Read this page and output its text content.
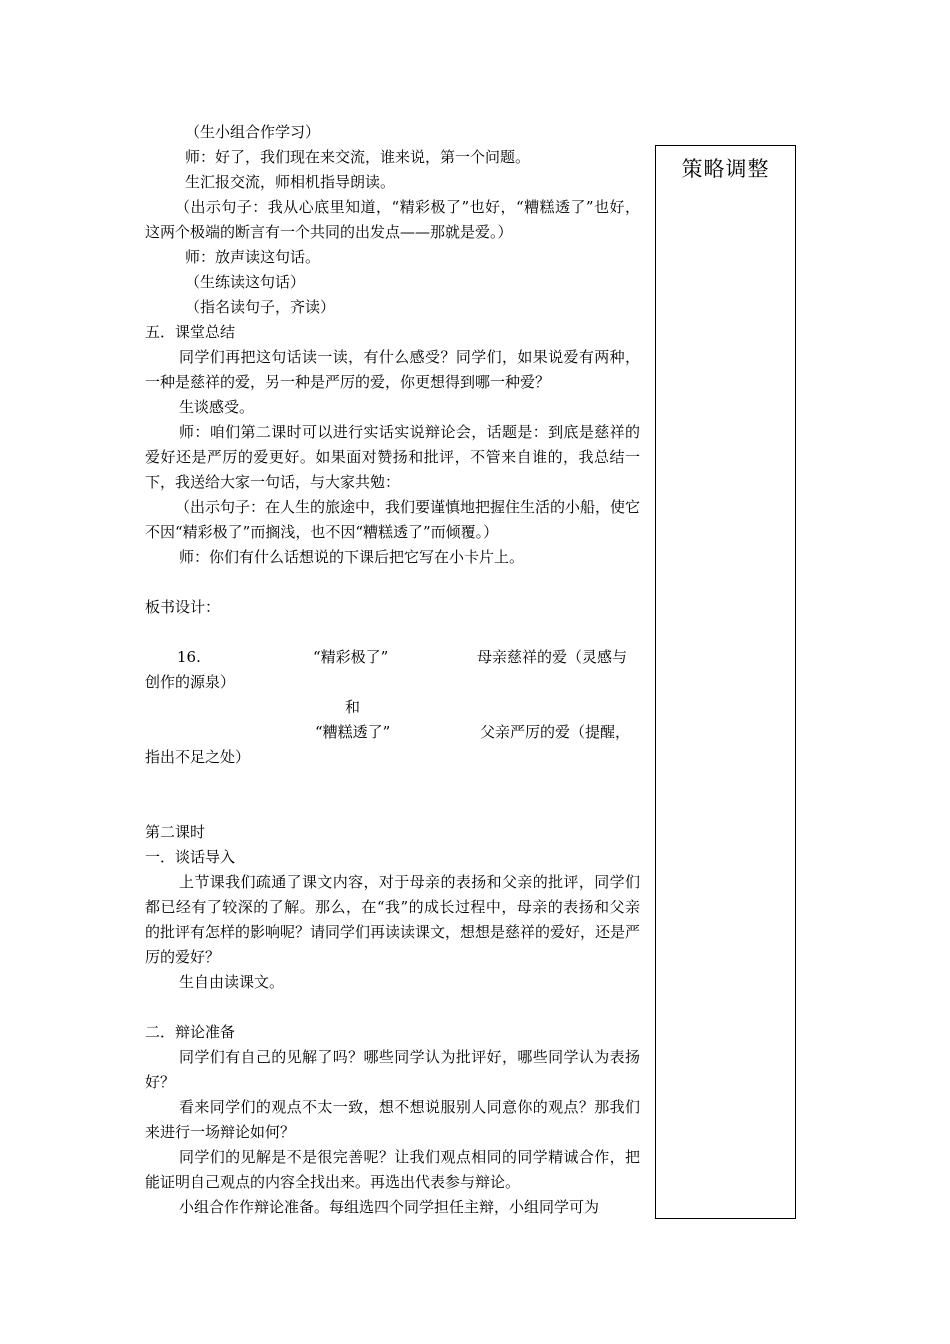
（生小组合作学习）

师：好了，我们现在来交流，谁来说，第一个问题。

生汇报交流，师相机指导朗读。

（出示句子：我从心底里知道，“精彩极了”也好，“糟糕透了”也好，这两个极端的断言有一个共同的出发点——那就是爱。）

师：放声读这句话。

（生练读这句话）

（指名读句子，齐读）

五．课堂总结

同学们再把这句话读一读，有什么感受？同学们，如果说爱有两种，一种是慈祥的爱，另一种是严厉的爱，你更想得到哪一种爱？

生谈感受。

师：咱们第二课时可以进行实话实说辩论会，话题是：到底是慈祥的爱好还是严厉的爱更好。如果面对赞扬和批评，不管来自谁的，我总结一下，我送给大家一句话，与大家共勉：

（出示句子：在人生的旅途中，我们要谨慎地把握住生活的小船，使它不因“精彩极了”而搁浅，也不因“糟糕透了”而倾覆。）

师：你们有什么话想说的下课后把它写在小卡片上。

板书设计：

16.	“精彩极了”	母亲慈祥的爱（灵感与

创作的源泉）

和
“糟糕透了”	父亲严厉的爱（提醒，

指出不足之处）

第二课时

一．谈话导入

上节课我们疏通了课文内容，对于母亲的表扬和父亲的批评，同学们都已经有了较深的了解。那么，在“我”的成长过程中，母亲的表扬和父亲的批评有怎样的影响呢？请同学们再读读课文，想想是慈祥的爱好，还是严厉的爱好？

生自由读课文。

二．辩论准备

同学们有自己的见解了吗？哪些同学认为批评好，哪些同学认为表扬好？

看来同学们的观点不太一致，想不想说服别人同意你的观点？那我们来进行一场辩论如何？

同学们的见解是不是很完善呢？让我们观点相同的同学精诚合作，把能证明自己观点的内容全找出来。再选出代表参与辩论。

小组合作作辩论准备。每组选四个同学担任主辩，小组同学可为

策略调整
